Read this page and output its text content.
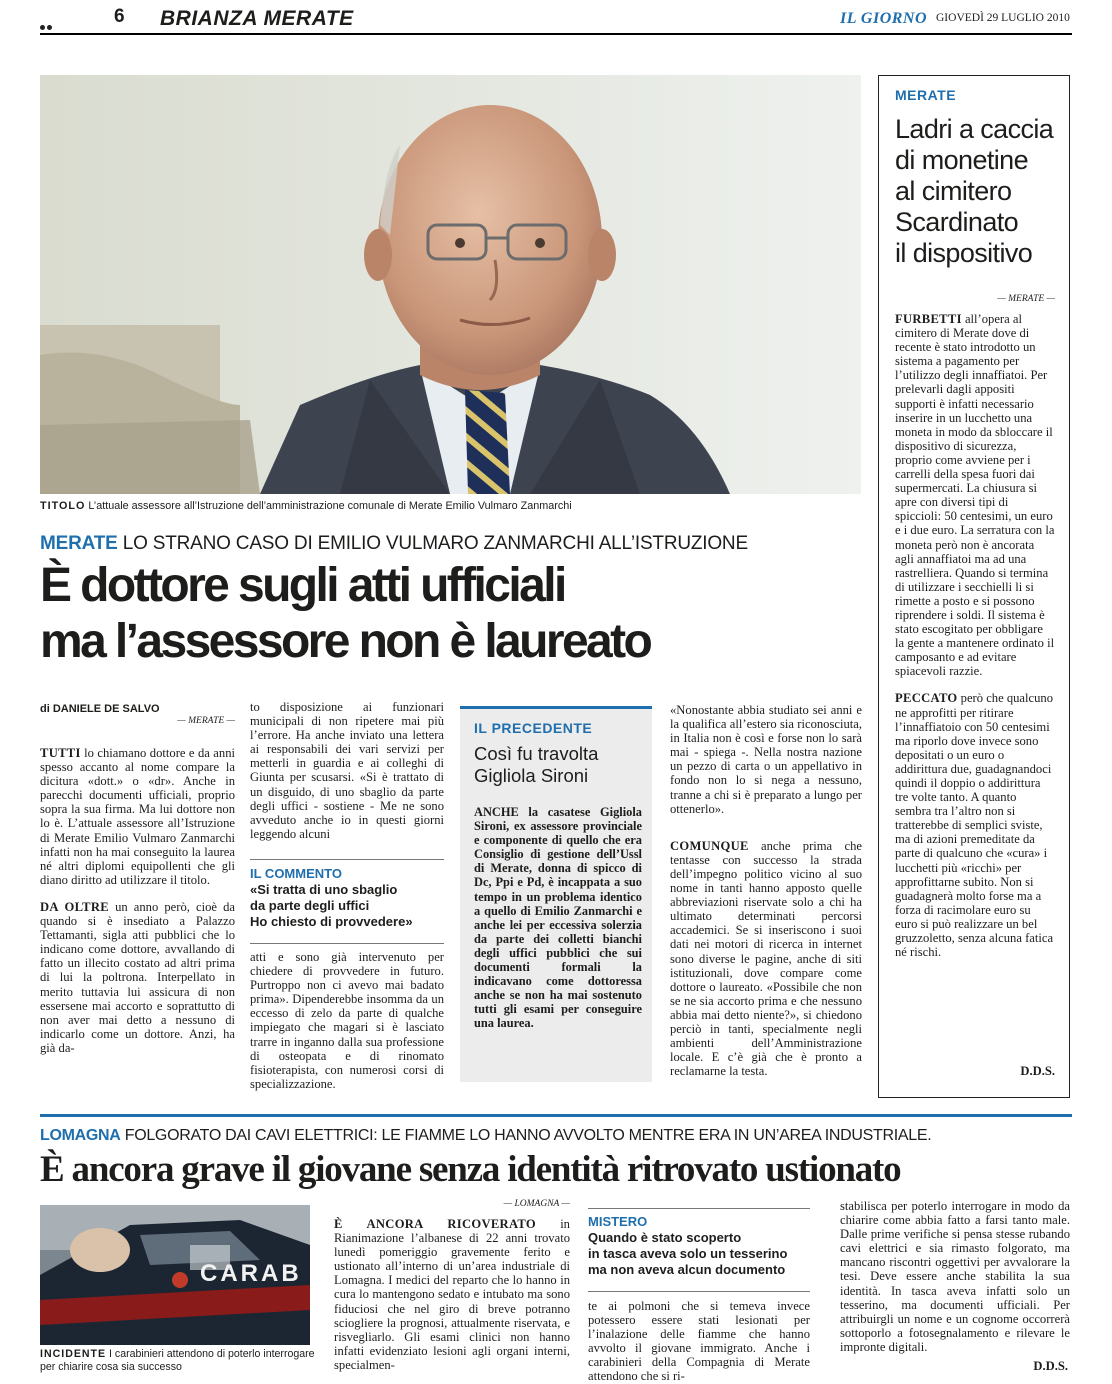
6 BRIANZA MERATE	IL GIORNO GIOVEDÌ 29 LUGLIO 2010
TITOLO L’attuale assessore all’Istruzione dell’amministrazione comunale di Merate Emilio Vulmaro Zanmarchi
MERATE LO STRANO CASO DI EMILIO VULMARO ZANMARCHI ALL’ISTRUZIONE
È dottore sugli atti ufficiali
ma l’assessore non è laureato
di DANIELE DE SALVO
— MERATE —

TUTTI lo chiamano dottore e da anni spesso accanto al nome compare la dicitura «dott.» o «dr». Anche in parecchi documenti ufficiali, proprio sopra la sua firma. Ma lui dottore non lo è. L’attuale assessore all’Istruzione di Merate Emilio Vulmaro Zanmarchi infatti non ha mai conseguito la laurea né altri diplomi equipollenti che gli diano diritto ad utilizzare il titolo.

DA OLTRE un anno però, cioè da quando si è insediato a Palazzo Tettamanti, sigla atti pubblici che lo indicano come dottore, avvallando di fatto un illecito costato ad altri prima di lui la poltrona. Interpellato in merito tuttavia lui assicura di non essersene mai accorto e soprattutto di non aver mai detto a nessuno di indicarlo come un dottore. Anzi, ha già da-

to disposizione ai funzionari municipali di non ripetere mai più l’errore. Ha anche inviato una lettera ai responsabili dei vari servizi per metterli in guardia e ai colleghi di Giunta per scusarsi. «Si è trattato di un disguido, di uno sbaglio da parte degli uffici - sostiene - Me ne sono avveduto anche io in questi giorni leggendo alcuni
IL COMMENTO
«Si tratta di uno sbaglio
da parte degli uffici
Ho chiesto di provvedere»
atti e sono già intervenuto per chiedere di provvedere in futuro. Purtroppo non ci avevo mai badato prima». Dipenderebbe insomma da un eccesso di zelo da parte di qualche impiegato che magari si è lasciato trarre in inganno dalla sua professione di osteopata e di rinomato fisioterapista, con numerosi corsi di specializzazione.
IL PRECEDENTE
Così fu travolta
Gigliola Sironi
ANCHE la casatese Gigliola Sironi, ex assessore provinciale e componente di quello che era Consiglio di gestione dell’Ussl di Merate, donna di spicco di Dc, Ppi e Pd, è incappata a suo tempo in un problema identico a quello di Emilio Zanmarchi e anche lei per eccessiva solerzia da parte dei colletti bianchi degli uffici pubblici che sui documenti formali la indicavano come dottoressa anche se non ha mai sostenuto tutti gli esami per conseguire una laurea.
«Nonostante abbia studiato sei anni e la qualifica all’estero sia riconosciuta, in Italia non è così e forse non lo sarà mai - spiega -. Nella nostra nazione un pezzo di carta o un appellativo in fondo non lo si nega a nessuno, tranne a chi si è preparato a lungo per ottenerlo».
COMUNQUE anche prima che tentasse con successo la strada dell’impegno politico vicino al suo nome in tanti hanno apposto quelle abbreviazioni riservate solo a chi ha ultimato determinati percorsi accademici. Se si inseriscono i suoi dati nei motori di ricerca in internet sono diverse le pagine, anche di siti istituzionali, dove compare come dottore o laureato. «Possibile che non se ne sia accorto prima e che nessuno abbia mai detto niente?», si chiedono perciò in tanti, specialmente negli ambienti dell’Amministrazione locale. E c’è già che è pronto a reclamarne la testa.
MERATE
Ladri a caccia
di monetine
al cimitero
Scardinato
il dispositivo
— MERATE —

FURBETTI all’opera al cimitero di Merate dove di recente è stato introdotto un sistema a pagamento per l’utilizzo degli innaffiatoi. Per prelevarli dagli appositi supporti è infatti necessario inserire in un lucchetto una moneta in modo da sbloccare il dispositivo di sicurezza, proprio come avviene per i carrelli della spesa fuori dai supermercati. La chiusura si apre con diversi tipi di spiccioli: 50 centesimi, un euro e i due euro. La serratura con la moneta però non è ancorata agli annaffiatoi ma ad una rastrelliera. Quando si termina di utilizzare i secchielli li si rimette a posto e si possono riprendere i soldi. Il sistema è stato escogitato per obbligare la gente a mantenere ordinato il camposanto e ad evitare spiacevoli razzie.

PECCATO però che qualcuno ne approfitti per ritirare l’innaffiatoio con 50 centesimi ma riporlo dove invece sono depositati o un euro o addirittura due, guadagnandoci quindi il doppio o addirittura tre volte tanto. A quanto sembra tra l’altro non si tratterebbe di semplici sviste, ma di azioni premeditate da parte di qualcuno che «cura» i lucchetti più «ricchi» per approfittarne subito. Non si guadagnerà molto forse ma a forza di racimolare euro su euro si può realizzare un bel gruzzoletto, senza alcuna fatica né rischi.

D.D.S.
LOMAGNA FOLGORATO DAI CAVI ELETTRICI: LE FIAMME LO HANNO AVVOLTO MENTRE ERA IN UN’AREA INDUSTRIALE.
È ancora grave il giovane senza identità ritrovato ustionato
CARAB
INCIDENTE I carabinieri attendono di poterlo interrogare per chiarire cosa sia successo
— LOMAGNA —
È ANCORA RICOVERATO in Rianimazione l’albanese di 22 anni trovato lunedì pomeriggio gravemente ferito e ustionato all’interno di un’area industriale di Lomagna. I medici del reparto che lo hanno in cura lo mantengono sedato e intubato ma sono fiduciosi che nel giro di breve potranno sciogliere la prognosi, attualmente riservata, e risvegliarlo. Gli esami clinici non hanno infatti evidenziato lesioni agli organi interni, specialmen-
MISTERO
Quando è stato scoperto
in tasca aveva solo un tesserino
ma non aveva alcun documento
te ai polmoni che si temeva invece potessero essere stati lesionati per l’inalazione delle fiamme che hanno avvolto il giovane immigrato. Anche i carabinieri della Compagnia di Merate attendono che si ri-
stabilisca per poterlo interrogare in modo da chiarire come abbia fatto a farsi tanto male. Dalle prime verifiche si pensa stesse rubando cavi elettrici e sia rimasto folgorato, ma mancano riscontri oggettivi per avvalorare la tesi. Deve essere anche stabilita la sua identità. In tasca aveva infatti solo un tesserino, ma documenti ufficiali. Per attribuirgli un nome e un cognome occorrerà sottoporlo a fotosegnalamento e rilevare le impronte digitali.
D.D.S.
